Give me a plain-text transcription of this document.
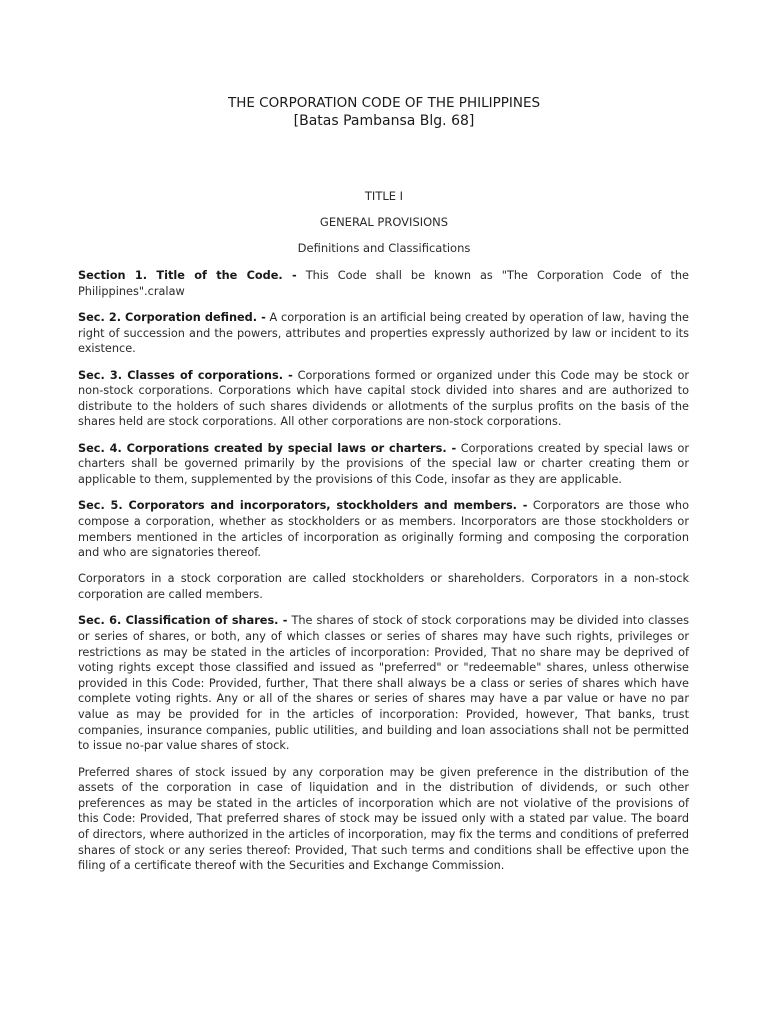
THE CORPORATION CODE OF THE PHILIPPINES
[Batas Pambansa Blg. 68]
TITLE I
GENERAL PROVISIONS
Definitions and Classifications

Section 1. Title of the Code. - This Code shall be known as "The Corporation Code of the Philippines".cralaw

Sec. 2. Corporation defined. - A corporation is an artificial being created by operation of law, having the right of succession and the powers, attributes and properties expressly authorized by law or incident to its existence.

Sec. 3. Classes of corporations. - Corporations formed or organized under this Code may be stock or non-stock corporations. Corporations which have capital stock divided into shares and are authorized to distribute to the holders of such shares dividends or allotments of the surplus profits on the basis of the shares held are stock corporations. All other corporations are non-stock corporations.

Sec. 4. Corporations created by special laws or charters. - Corporations created by special laws or charters shall be governed primarily by the provisions of the special law or charter creating them or applicable to them, supplemented by the provisions of this Code, insofar as they are applicable.

Sec. 5. Corporators and incorporators, stockholders and members. - Corporators are those who compose a corporation, whether as stockholders or as members. Incorporators are those stockholders or members mentioned in the articles of incorporation as originally forming and composing the corporation and who are signatories thereof.

Corporators in a stock corporation are called stockholders or shareholders. Corporators in a non-stock corporation are called members.

Sec. 6. Classification of shares. - The shares of stock of stock corporations may be divided into classes or series of shares, or both, any of which classes or series of shares may have such rights, privileges or restrictions as may be stated in the articles of incorporation: Provided, That no share may be deprived of voting rights except those classified and issued as "preferred" or "redeemable" shares, unless otherwise provided in this Code: Provided, further, That there shall always be a class or series of shares which have complete voting rights. Any or all of the shares or series of shares may have a par value or have no par value as may be provided for in the articles of incorporation: Provided, however, That banks, trust companies, insurance companies, public utilities, and building and loan associations shall not be permitted to issue no-par value shares of stock.

Preferred shares of stock issued by any corporation may be given preference in the distribution of the assets of the corporation in case of liquidation and in the distribution of dividends, or such other preferences as may be stated in the articles of incorporation which are not violative of the provisions of this Code: Provided, That preferred shares of stock may be issued only with a stated par value. The board of directors, where authorized in the articles of incorporation, may fix the terms and conditions of preferred shares of stock or any series thereof: Provided, That such terms and conditions shall be effective upon the filing of a certificate thereof with the Securities and Exchange Commission.
